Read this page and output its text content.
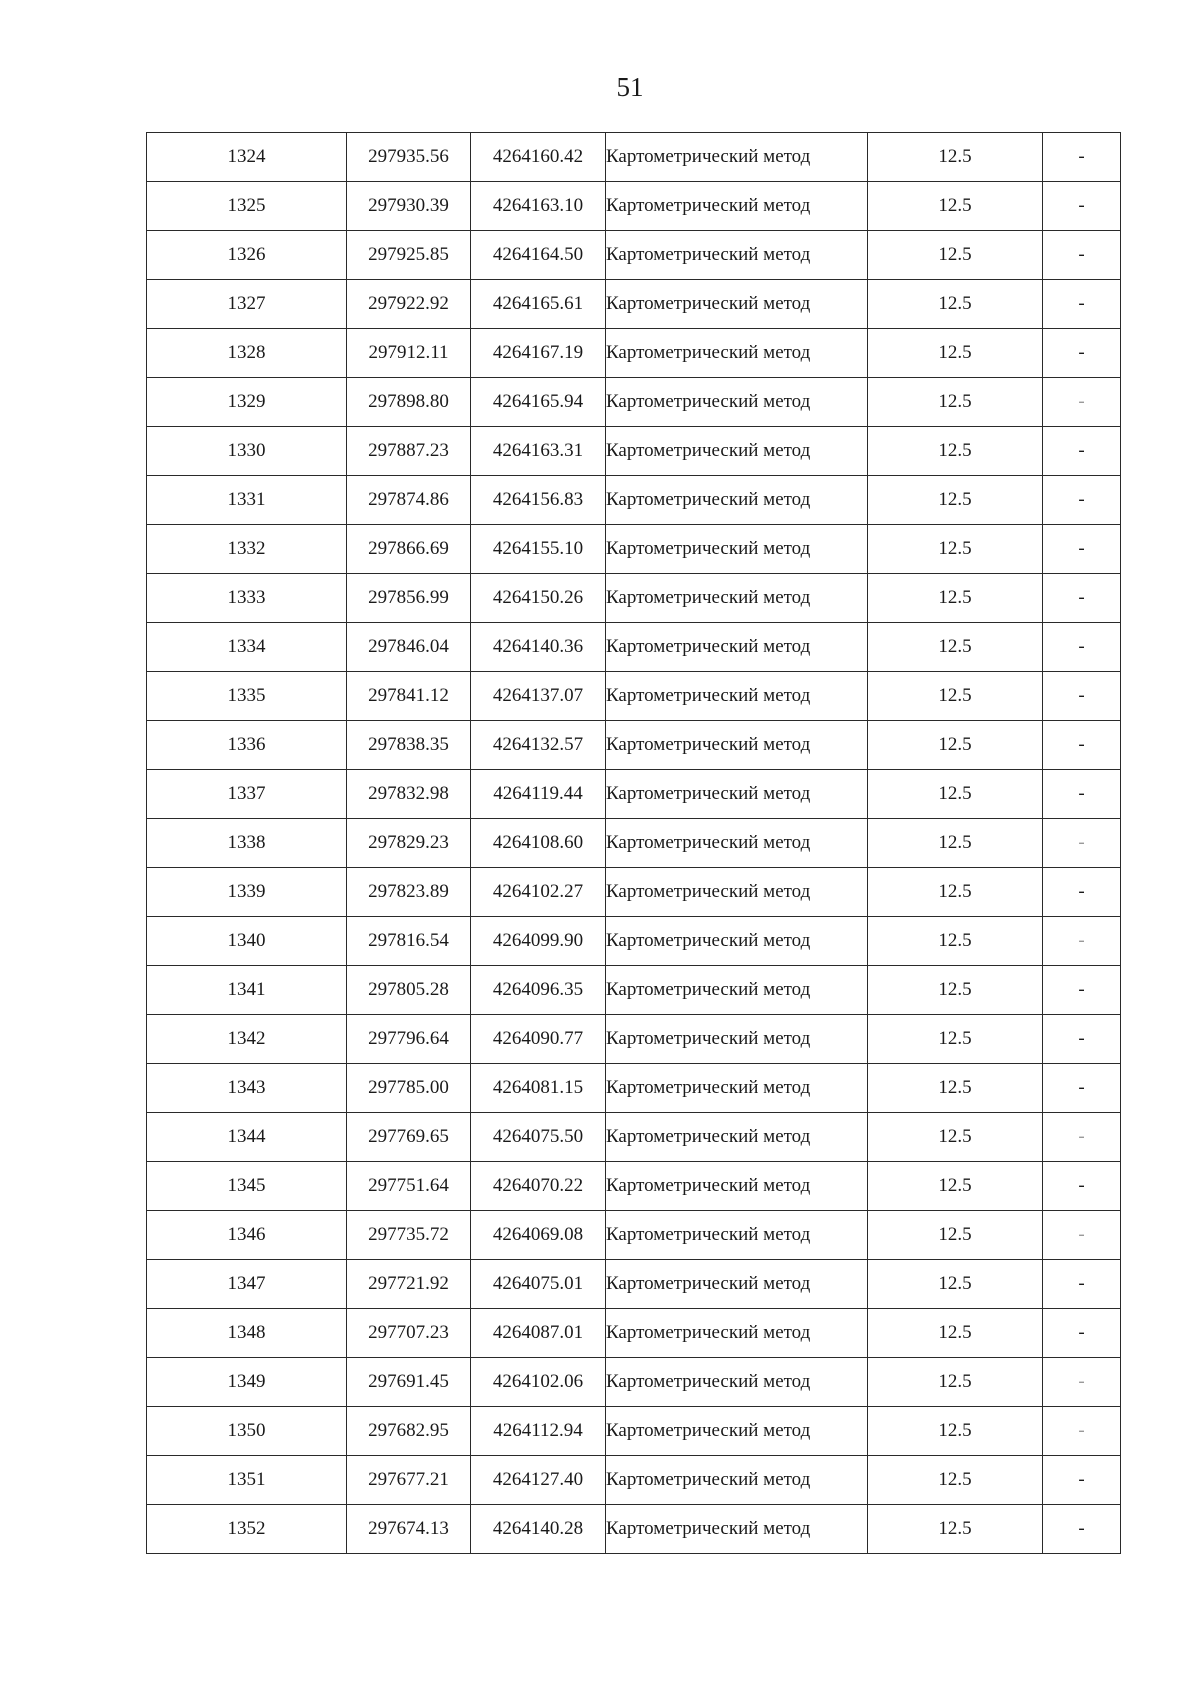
51
1324	297935.56	4264160.42	Картометрический метод	12.5	-
1325	297930.39	4264163.10	Картометрический метод	12.5	-
1326	297925.85	4264164.50	Картометрический метод	12.5	-
1327	297922.92	4264165.61	Картометрический метод	12.5	-
1328	297912.11	4264167.19	Картометрический метод	12.5	-
1329	297898.80	4264165.94	Картометрический метод	12.5	-
1330	297887.23	4264163.31	Картометрический метод	12.5	-
1331	297874.86	4264156.83	Картометрический метод	12.5	-
1332	297866.69	4264155.10	Картометрический метод	12.5	-
1333	297856.99	4264150.26	Картометрический метод	12.5	-
1334	297846.04	4264140.36	Картометрический метод	12.5	-
1335	297841.12	4264137.07	Картометрический метод	12.5	-
1336	297838.35	4264132.57	Картометрический метод	12.5	-
1337	297832.98	4264119.44	Картометрический метод	12.5	-
1338	297829.23	4264108.60	Картометрический метод	12.5	-
1339	297823.89	4264102.27	Картометрический метод	12.5	-
1340	297816.54	4264099.90	Картометрический метод	12.5	-
1341	297805.28	4264096.35	Картометрический метод	12.5	-
1342	297796.64	4264090.77	Картометрический метод	12.5	-
1343	297785.00	4264081.15	Картометрический метод	12.5	-
1344	297769.65	4264075.50	Картометрический метод	12.5	-
1345	297751.64	4264070.22	Картометрический метод	12.5	-
1346	297735.72	4264069.08	Картометрический метод	12.5	-
1347	297721.92	4264075.01	Картометрический метод	12.5	-
1348	297707.23	4264087.01	Картометрический метод	12.5	-
1349	297691.45	4264102.06	Картометрический метод	12.5	-
1350	297682.95	4264112.94	Картометрический метод	12.5	-
1351	297677.21	4264127.40	Картометрический метод	12.5	-
1352	297674.13	4264140.28	Картометрический метод	12.5	-
